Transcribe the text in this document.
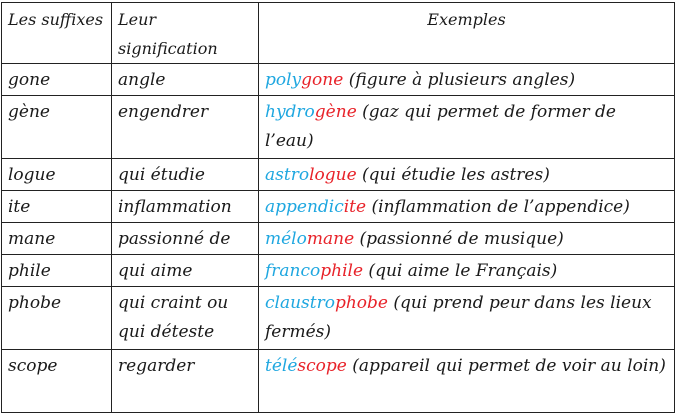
Les suffixes	Leur signification	Exemples
gone	angle	polygone (figure à plusieurs angles)
gène	engendrer	hydrogène (gaz qui permet de former de l’eau)
logue	qui étudie	astrologue (qui étudie les astres)
ite	inflammation	appendicite (inflammation de l’appendice)
mane	passionné de	mélomane (passionné de musique)
phile	qui aime	francophile (qui aime le Français)
phobe	qui craint ou qui déteste	claustrophobe (qui prend peur dans les lieux fermés)
scope	regarder	téléscope (appareil qui permet de voir au loin)
